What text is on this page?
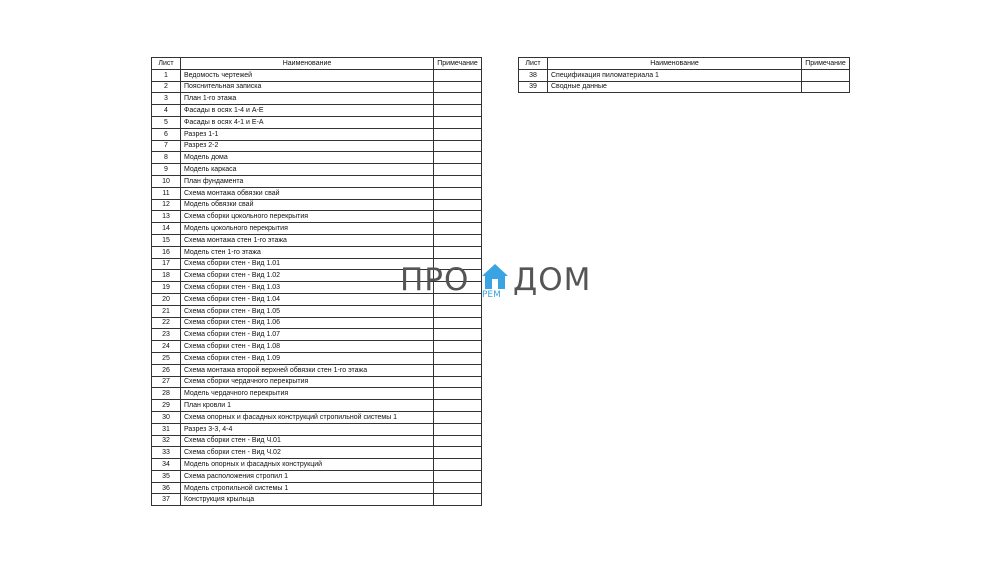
Лист	Наименование	Примечание
1	Ведомость чертежей	
2	Пояснительная записка	
3	План 1-го этажа	
4	Фасады в осях 1-4 и А-Е	
5	Фасады в осях 4-1 и Е-А	
6	Разрез 1-1	
7	Разрез 2-2	
8	Модель дома	
9	Модель каркаса	
10	План фундамента	
11	Схема монтажа обвязки свай	
12	Модель обвязки свай	
13	Схема сборки цокольного перекрытия	
14	Модель цокольного перекрытия	
15	Схема монтажа стен 1-го этажа	
16	Модель стен 1-го этажа	
17	Схема сборки стен - Вид 1.01	
18	Схема сборки стен - Вид 1.02	
19	Схема сборки стен - Вид 1.03	
20	Схема сборки стен - Вид 1.04	
21	Схема сборки стен - Вид 1.05	
22	Схема сборки стен - Вид 1.06	
23	Схема сборки стен - Вид 1.07	
24	Схема сборки стен - Вид 1.08	
25	Схема сборки стен - Вид 1.09	
26	Схема монтажа второй верхней обвязки стен 1-го этажа	
27	Схема сборки чердачного перекрытия	
28	Модель чердачного перекрытия	
29	План кровли 1	
30	Схема опорных и фасадных конструкций стропильной системы 1	
31	Разрез 3-3, 4-4	
32	Схема сборки стен - Вид Ч.01	
33	Схема сборки стен - Вид Ч.02	
34	Модель опорных и фасадных конструкций	
35	Схема расположения стропил 1	
36	Модель стропильной системы 1	
37	Конструкция крыльца	
Лист	Наименование	Примечание
38	Спецификация пиломатериала 1	
39	Сводные данные	
ПРО РЕМ ДОМ
